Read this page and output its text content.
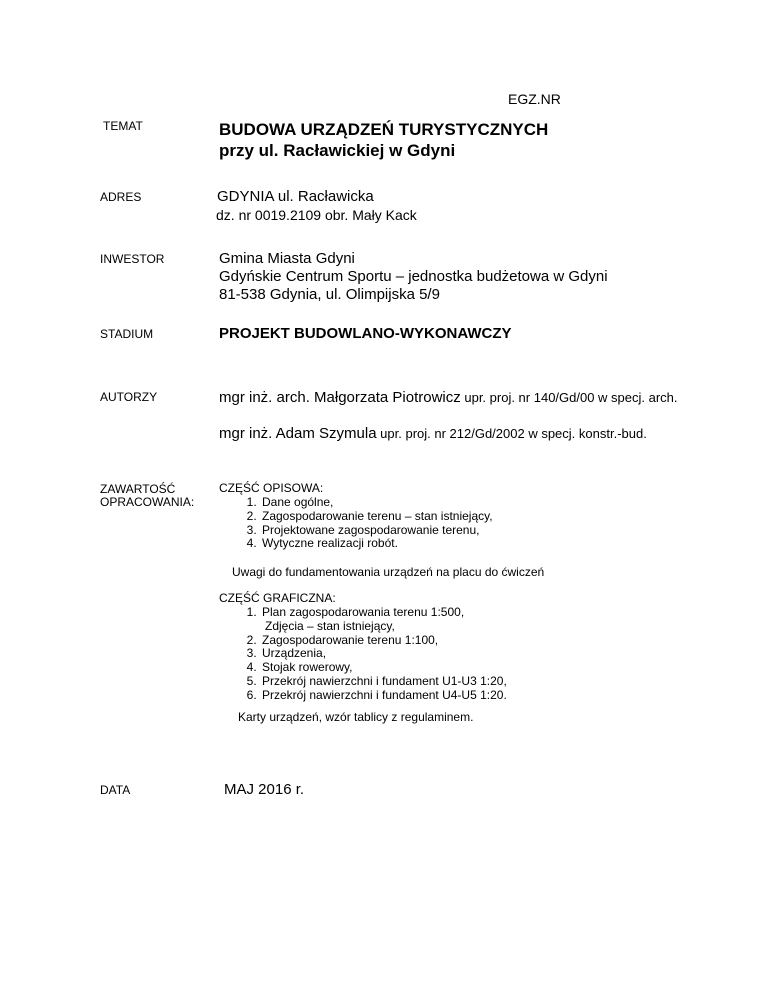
EGZ.NR
TEMAT	BUDOWA URZĄDZEŃ TURYSTYCZNYCH
przy ul. Racławickiej w Gdyni
ADRES	GDYNIA ul. Racławicka
dz. nr 0019.2109 obr. Mały Kack
INWESTOR	Gmina Miasta Gdyni
Gdyńskie Centrum Sportu – jednostka budżetowa w Gdyni
81-538 Gdynia, ul. Olimpijska 5/9
STADIUM	PROJEKT BUDOWLANO-WYKONAWCZY
AUTORZY	mgr inż. arch. Małgorzata Piotrowicz upr. proj. nr 140/Gd/00 w specj. arch.
mgr inż. Adam Szymula upr. proj. nr 212/Gd/2002 w specj. konstr.-bud.
ZAWARTOŚĆ
OPRACOWANIA:
CZĘŚĆ OPISOWA:
1. Dane ogólne,
2. Zagospodarowanie terenu – stan istniejący,
3. Projektowane zagospodarowanie terenu,
4. Wytyczne realizacji robót.
Uwagi do fundamentowania urządzeń na placu do ćwiczeń
CZĘŚĆ GRAFICZNA:
1. Plan zagospodarowania terenu 1:500,
Zdjęcia – stan istniejący,
2. Zagospodarowanie terenu 1:100,
3. Urządzenia,
4. Stojak rowerowy,
5. Przekrój nawierzchni i fundament U1-U3 1:20,
6. Przekrój nawierzchni i fundament U4-U5 1:20.
Karty urządzeń, wzór tablicy z regulaminem.
DATA	MAJ 2016 r.
